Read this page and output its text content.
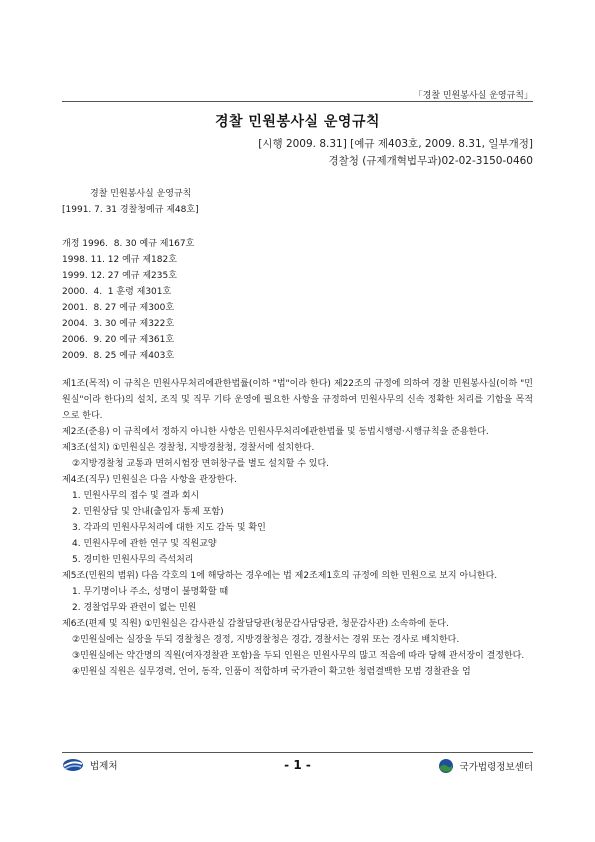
「경찰 민원봉사실 운영규칙」
경찰 민원봉사실 운영규칙
[시행 2009. 8.31] [예규 제403호, 2009. 8.31, 일부개정]
경찰청 (규제개혁법무과)02-02-3150-0460
경찰 민원봉사실 운영규칙
[1991. 7. 31 경찰청예규 제48호]
개정 1996.  8. 30 예규 제167호
1998. 11. 12 예규 제182호
1999. 12. 27 예규 제235호
2000.  4.  1 훈령 제301호
2001.  8. 27 예규 제300호
2004.  3. 30 예규 제322호
2006.  9. 20 예규 제361호
2009.  8. 25 예규 제403호

제1조(목적) 이 규칙은 민원사무처리에관한법률(이하 "법"이라 한다) 제22조의 규정에 의하여 경찰 민원봉사실(이하 "민원실"이라 한다)의 설치, 조직 및 직무 기타 운영에 필요한 사항을 규정하여 민원사무의 신속 정확한 처리를 기함을 목적으로 한다.

제2조(준용) 이 규칙에서 정하지 아니한 사항은 민원사무처리에관한법률 및 동법시행령·시행규칙을 준용한다.

제3조(설치) ①민원실은 경찰청, 지방경찰청, 경찰서에 설치한다.

②지방경찰청 교통과 면허시험장 면허창구를 별도 설치할 수 있다.

제4조(직무) 민원실은 다음 사항을 관장한다.

1. 민원사무의 접수 및 결과 회시

2. 민원상담 및 안내(출입자 통제 포함)

3. 각과의 민원사무처리에 대한 지도 감독 및 확인

4. 민원사무에 관한 연구 및 직원교양

5. 경미한 민원사무의 즉석처리

제5조(민원의 범위) 다음 각호의 1에 해당하는 경우에는 법 제2조제1호의 규정에 의한 민원으로 보지 아니한다.

1. 무기명이나 주소, 성명이 불명확할 때

2. 경찰업무와 관련이 없는 민원

제6조(편제 및 직원) ①민원실은 감사관실 감찰담당관(청문감사담당관, 청문감사관) 소속하에 둔다.

②민원실에는 실장을 두되 경찰청은 경정, 지방경찰청은 경감, 경찰서는 경위 또는 경사로 배치한다.

③민원실에는 약간명의 직원(여자경찰관 포함)을 두되 인원은 민원사무의 많고 적음에 따라 당해 관서장이 결정한다.

④민원실 직원은 실무경력, 언어, 동작, 인품이 적합하며 국가관이 확고한 청렴결백한 모범 경찰관을 엄

법제처	- 1 -	국가법령정보센터
